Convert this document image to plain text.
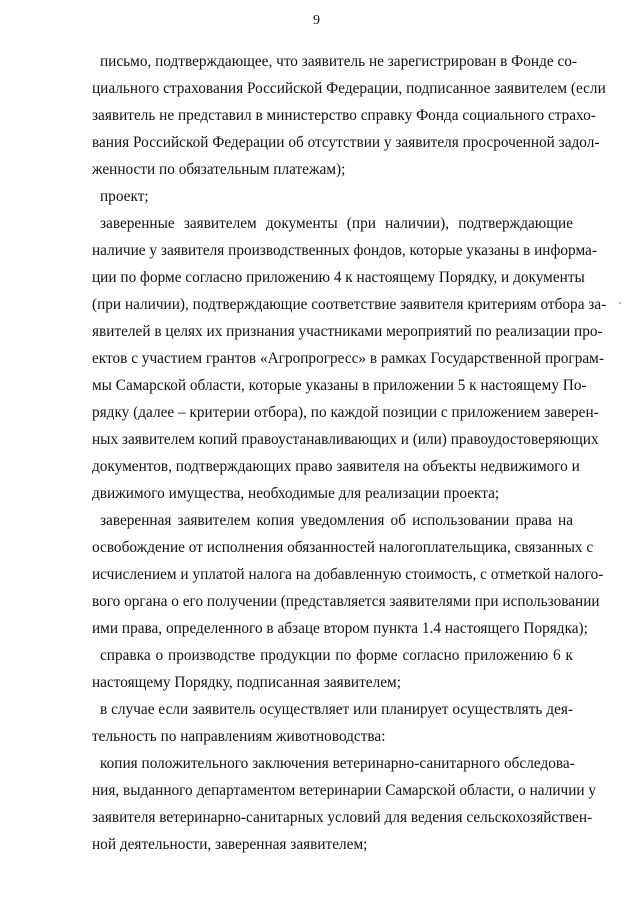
9
письмо, подтверждающее, что заявитель не зарегистрирован в Фонде со-
циального страхования Российской Федерации, подписанное заявителем (если
заявитель не представил в министерство справку Фонда социального страхо-
вания Российской Федерации об отсутствии у заявителя просроченной задол-
женности по обязательным платежам);
проект;
заверенные заявителем документы (при наличии), подтверждающие
наличие у заявителя производственных фондов, которые указаны в информа-
ции по форме согласно приложению 4 к настоящему Порядку, и документы
(при наличии), подтверждающие соответствие заявителя критериям отбора за-
явителей в целях их признания участниками мероприятий по реализации про-
ектов с участием грантов «Агропрогресс» в рамках Государственной програм-
мы Самарской области, которые указаны в приложении 5 к настоящему По-
рядку (далее – критерии отбора), по каждой позиции с приложением заверен-
ных заявителем копий правоустанавливающих и (или) правоудостоверяющих
документов, подтверждающих право заявителя на объекты недвижимого и
движимого имущества, необходимые для реализации проекта;
заверенная заявителем копия уведомления об использовании права на
освобождение от исполнения обязанностей налогоплательщика, связанных с
исчислением и уплатой налога на добавленную стоимость, с отметкой налого-
вого органа о его получении (представляется заявителями при использовании
ими права, определенного в абзаце втором пункта 1.4 настоящего Порядка);
справка о производстве продукции по форме согласно приложению 6 к
настоящему Порядку, подписанная заявителем;
в случае если заявитель осуществляет или планирует осуществлять дея-
тельность по направлениям животноводства:
копия положительного заключения ветеринарно-санитарного обследова-
ния, выданного департаментом ветеринарии Самарской области, о наличии у
заявителя ветеринарно-санитарных условий для ведения сельскохозяйствен-
ной деятельности, заверенная заявителем;
